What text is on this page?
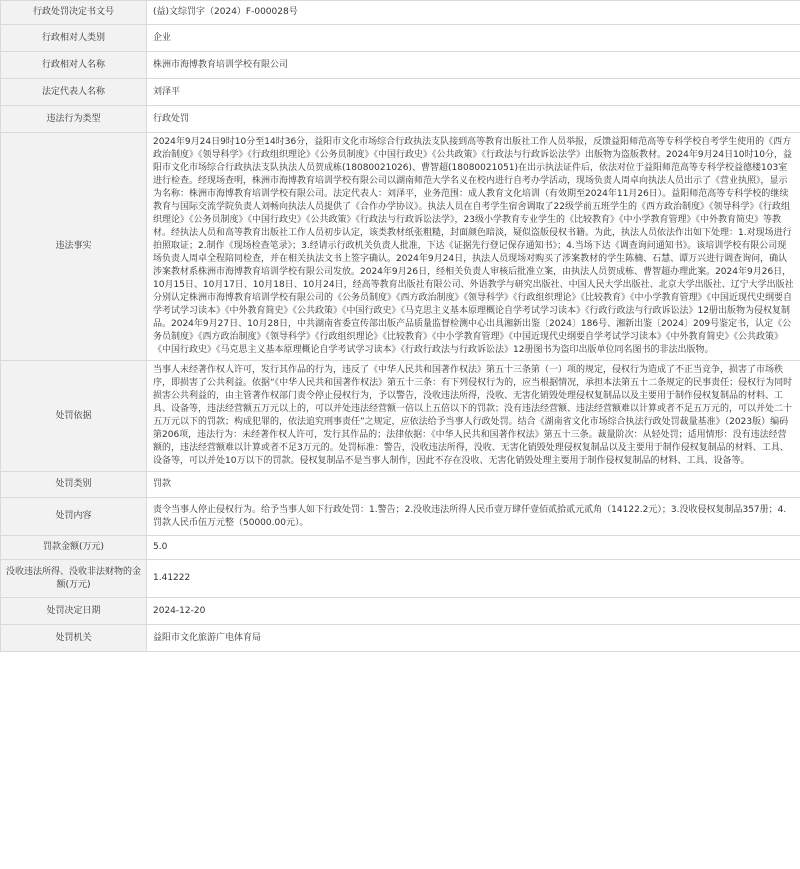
行政处罚决定书文号	(益)文综罚字（2024）F-000028号
行政相对人类别	企业
行政相对人名称	株洲市海博教育培训学校有限公司
法定代表人名称	刘泽平
违法行为类型	行政处罚
违法事实	2024年9月24日9时10分至14时36分，益阳市文化市场综合行政执法支队接到高等教育出版社工作人员举报，反馈益阳师范高等专科学校自考学生使用的《西方政治制度》《领导科学》《行政组织理论》《公务员制度》《中国行政史》《公共政策》《行政法与行政诉讼法学》出版物为盗版教材。2024年9月24日10时10分，益阳市文化市场综合行政执法支队执法人员贺成栋(18080021026)、曹智超(18080021051)在出示执法证件后，依法对位于益阳师范高等专科学校益德楼103室进行检查。经现场查明，株洲市海博教育培训学校有限公司以湖南师范大学名义在校内进行自考办学活动，现场负责人周卓向执法人员出示了《营业执照》，显示为名称：株洲市海博教育培训学校有限公司。法定代表人：刘泽平，业务范围：成人教育文化培训（有效期至2024年11月26日）。益阳师范高等专科学校的继续教育与国际交流学院负责人刘畅向执法人员提供了《合作办学协议》。执法人员在自考学生宿舍调取了22级学前五班学生的《西方政治制度》《领导科学》《行政组织理论》《公务员制度》《中国行政史》《公共政策》《行政法与行政诉讼法学》，23级小学教育专业学生的《比较教育》《中小学教育管理》《中外教育简史》等教材。经执法人员和高等教育出版社工作人员初步认定，该类教材纸张粗糙，封面颜色暗淡，疑似盗版侵权书籍。为此，执法人员依法作出如下处理：1.对现场进行拍照取证；2.制作《现场检查笔录》；3.经请示行政机关负责人批准，下达《证据先行登记保存通知书》；4.当场下达《调查询问通知书》。该培训学校有限公司现场负责人周卓全程陪同检查，并在相关执法文书上签字确认。2024年9月24日，执法人员现场对购买了涉案教材的学生陈楠、石慧、谭万兴进行调查询问，确认涉案教材系株洲市海博教育培训学校有限公司发放。2024年9月26日，经相关负责人审核后批准立案，由执法人员贺成栋、曹智超办理此案。2024年9月26日，10月15日、10月17日、10月18日、10月24日，经高等教育出版社有限公司、外语教学与研究出版社、中国人民大学出版社、北京大学出版社、辽宁大学出版社分别认定株洲市海博教育培训学校有限公司的《公务员制度》《西方政治制度》《领导科学》《行政组织理论》《比较教育》《中小学教育管理》《中国近现代史纲要自学考试学习读本》《中外教育简史》《公共政策》《中国行政史》《马克思主义基本原理概论自学考试学习读本》《行政行政法与行政诉讼法》12册出版物为侵权复制品。2024年9月27日、10月28日，中共湖南省委宣传部出版产品质量监督检测中心出具湘新出鉴〔2024〕186号、湘新出鉴〔2024〕209号鉴定书，认定《公务员制度》《西方政治制度》《领导科学》《行政组织理论》《比较教育》《中小学教育管理》《中国近现代史纲要自学考试学习读本》《中外教育简史》《公共政策》《中国行政史》《马克思主义基本原理概论自学考试学习读本》《行政行政法与行政诉讼法》12册图书为盗印出版单位同名图书的非法出版物。
处罚依据	当事人未经著作权人许可，发行其作品的行为，违反了《中华人民共和国著作权法》第五十三条第（一）项的规定，侵权行为造成了不正当竞争，损害了市场秩序，即损害了公共利益。依据“《中华人民共和国著作权法》第五十三条：有下列侵权行为的，应当根据情况，承担本法第五十二条规定的民事责任；侵权行为同时损害公共利益的，由主管著作权部门责令停止侵权行为，予以警告，没收违法所得，没收、无害化销毁处理侵权复制品以及主要用于制作侵权复制品的材料、工具、设备等，违法经营额五万元以上的，可以并处违法经营额一倍以上五倍以下的罚款；没有违法经营额、违法经营额难以计算或者不足五万元的，可以并处二十五万元以下的罚款；构成犯罪的，依法追究刑事责任”之规定，应依法给予当事人行政处罚。结合《湖南省文化市场综合执法行政处罚裁量基准》（2023版）编码第206项，违法行为：未经著作权人许可，发行其作品的；法律依据：《中华人民共和国著作权法》第五十三条。裁量阶次：从轻处罚；适用情形：没有违法经营额的，违法经营额难以计算或者不足3万元的。处罚标准：警告，没收违法所得，没收、无害化销毁处理侵权复制品以及主要用于制作侵权复制品的材料、工具、设备等，可以并处10万以下的罚款。侵权复制品不是当事人制作，因此不存在没收、无害化销毁处理主要用于制作侵权复制品的材料、工具、设备等。
处罚类别	罚款
处罚内容	责令当事人停止侵权行为。给予当事人如下行政处罚：1.警告；2.没收违法所得人民币壹万肆仟壹佰贰拾贰元贰角（14122.2元）；3.没收侵权复制品357册；4.罚款人民币伍万元整（50000.00元）。
罚款金额(万元)	5.0
没收违法所得、没收非法财物的金额(万元)	1.41222
处罚决定日期	2024-12-20
处罚机关	益阳市文化旅游广电体育局
